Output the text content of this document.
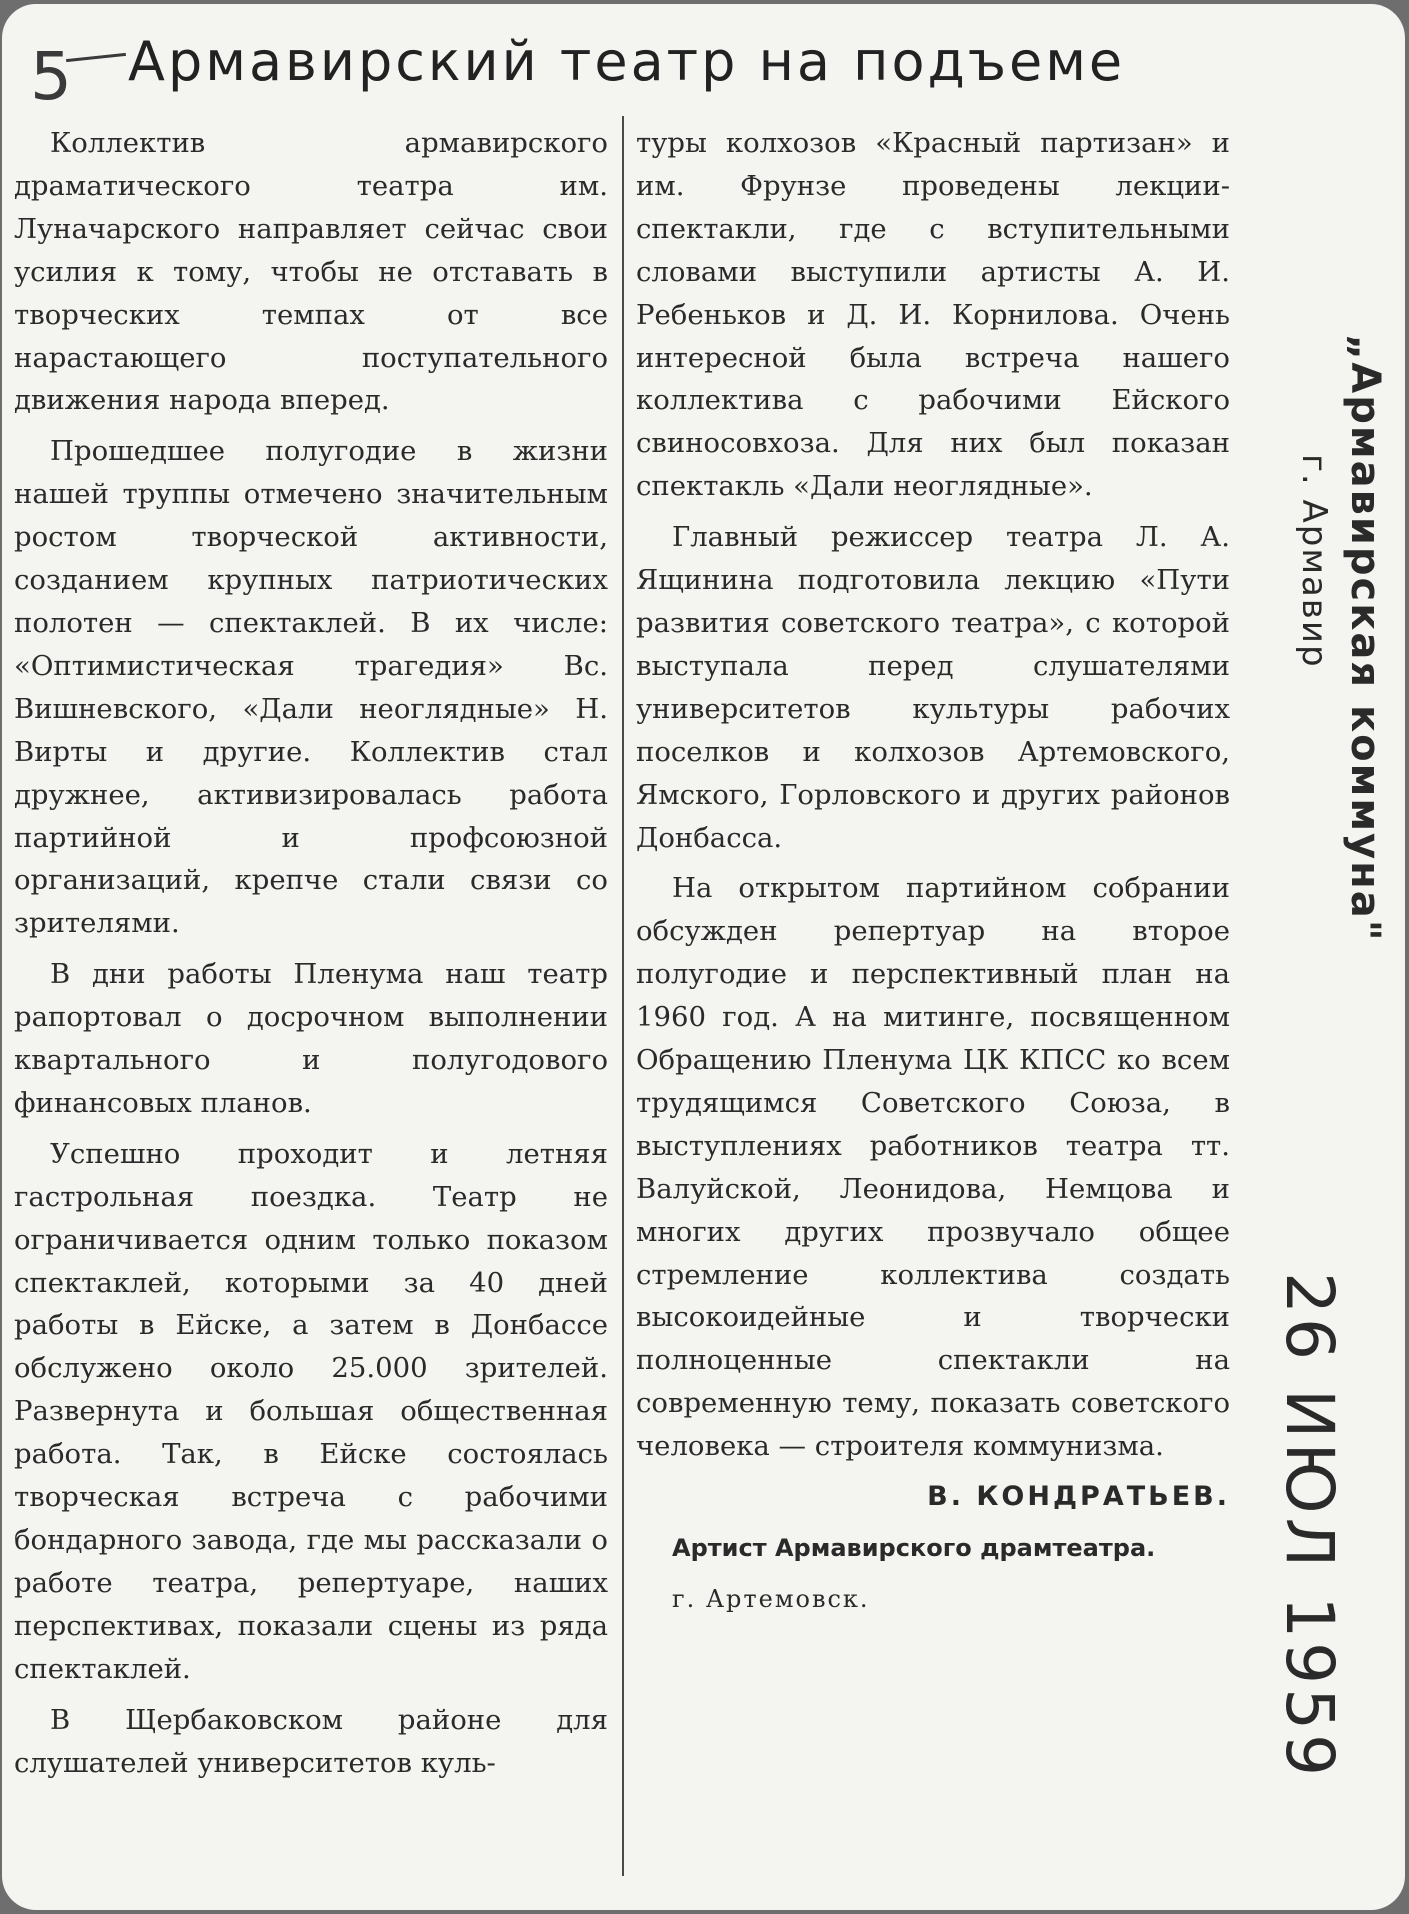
5 Армавирский театр на подъеме

Коллектив армавирского драматического театра им. Луначарского направляет сейчас свои усилия к тому, чтобы не отставать в творческих темпах от все нарастающего поступательного движения народа вперед.

Прошедшее полугодие в жизни нашей труппы отмечено значительным ростом творческой активности, созданием крупных патриотических полотен — спектаклей. В их числе: «Оптимистическая трагедия» Вс. Вишневского, «Дали неоглядные» Н. Вирты и другие. Коллектив стал дружнее, активизировалась работа партийной и профсоюзной организаций, крепче стали связи со зрителями.

В дни работы Пленума наш театр рапортовал о досрочном выполнении квартального и полугодового финансовых планов.

Успешно проходит и летняя гастрольная поездка. Театр не ограничивается одним только показом спектаклей, которыми за 40 дней работы в Ейске, а затем в Донбассе обслужено около 25.000 зрителей. Развернута и большая общественная работа. Так, в Ейске состоялась творческая встреча с рабочими бондарного завода, где мы рассказали о работе театра, репертуаре, наших перспективах, показали сцены из ряда спектаклей.

В Щербаковском районе для слушателей университетов куль-

туры колхозов «Красный партизан» и им. Фрунзе проведены лекции-спектакли, где с вступительными словами выступили артисты А. И. Ребеньков и Д. И. Корнилова. Очень интересной была встреча нашего коллектива с рабочими Ейского свиносовхоза. Для них был показан спектакль «Дали неоглядные».

Главный режиссер театра Л. А. Ящинина подготовила лекцию «Пути развития советского театра», с которой выступала перед слушателями университетов культуры рабочих поселков и колхозов Артемовского, Ямского, Горловского и других районов Донбасса.

На открытом партийном собрании обсужден репертуар на второе полугодие и перспективный план на 1960 год. А на митинге, посвященном Обращению Пленума ЦК КПСС ко всем трудящимся Советского Союза, в выступлениях работников театра тт. Валуйской, Леонидова, Немцова и многих других прозвучало общее стремление коллектива создать высокоидейные и творчески полноценные спектакли на современную тему, показать советского человека — строителя коммунизма.

В. КОНДРАТЬЕВ.

Артист Армавирского драмтеатра.

г. Артемовск.

„Армавирская коммуна"
г. Армавир
26 ИЮЛ 1959
